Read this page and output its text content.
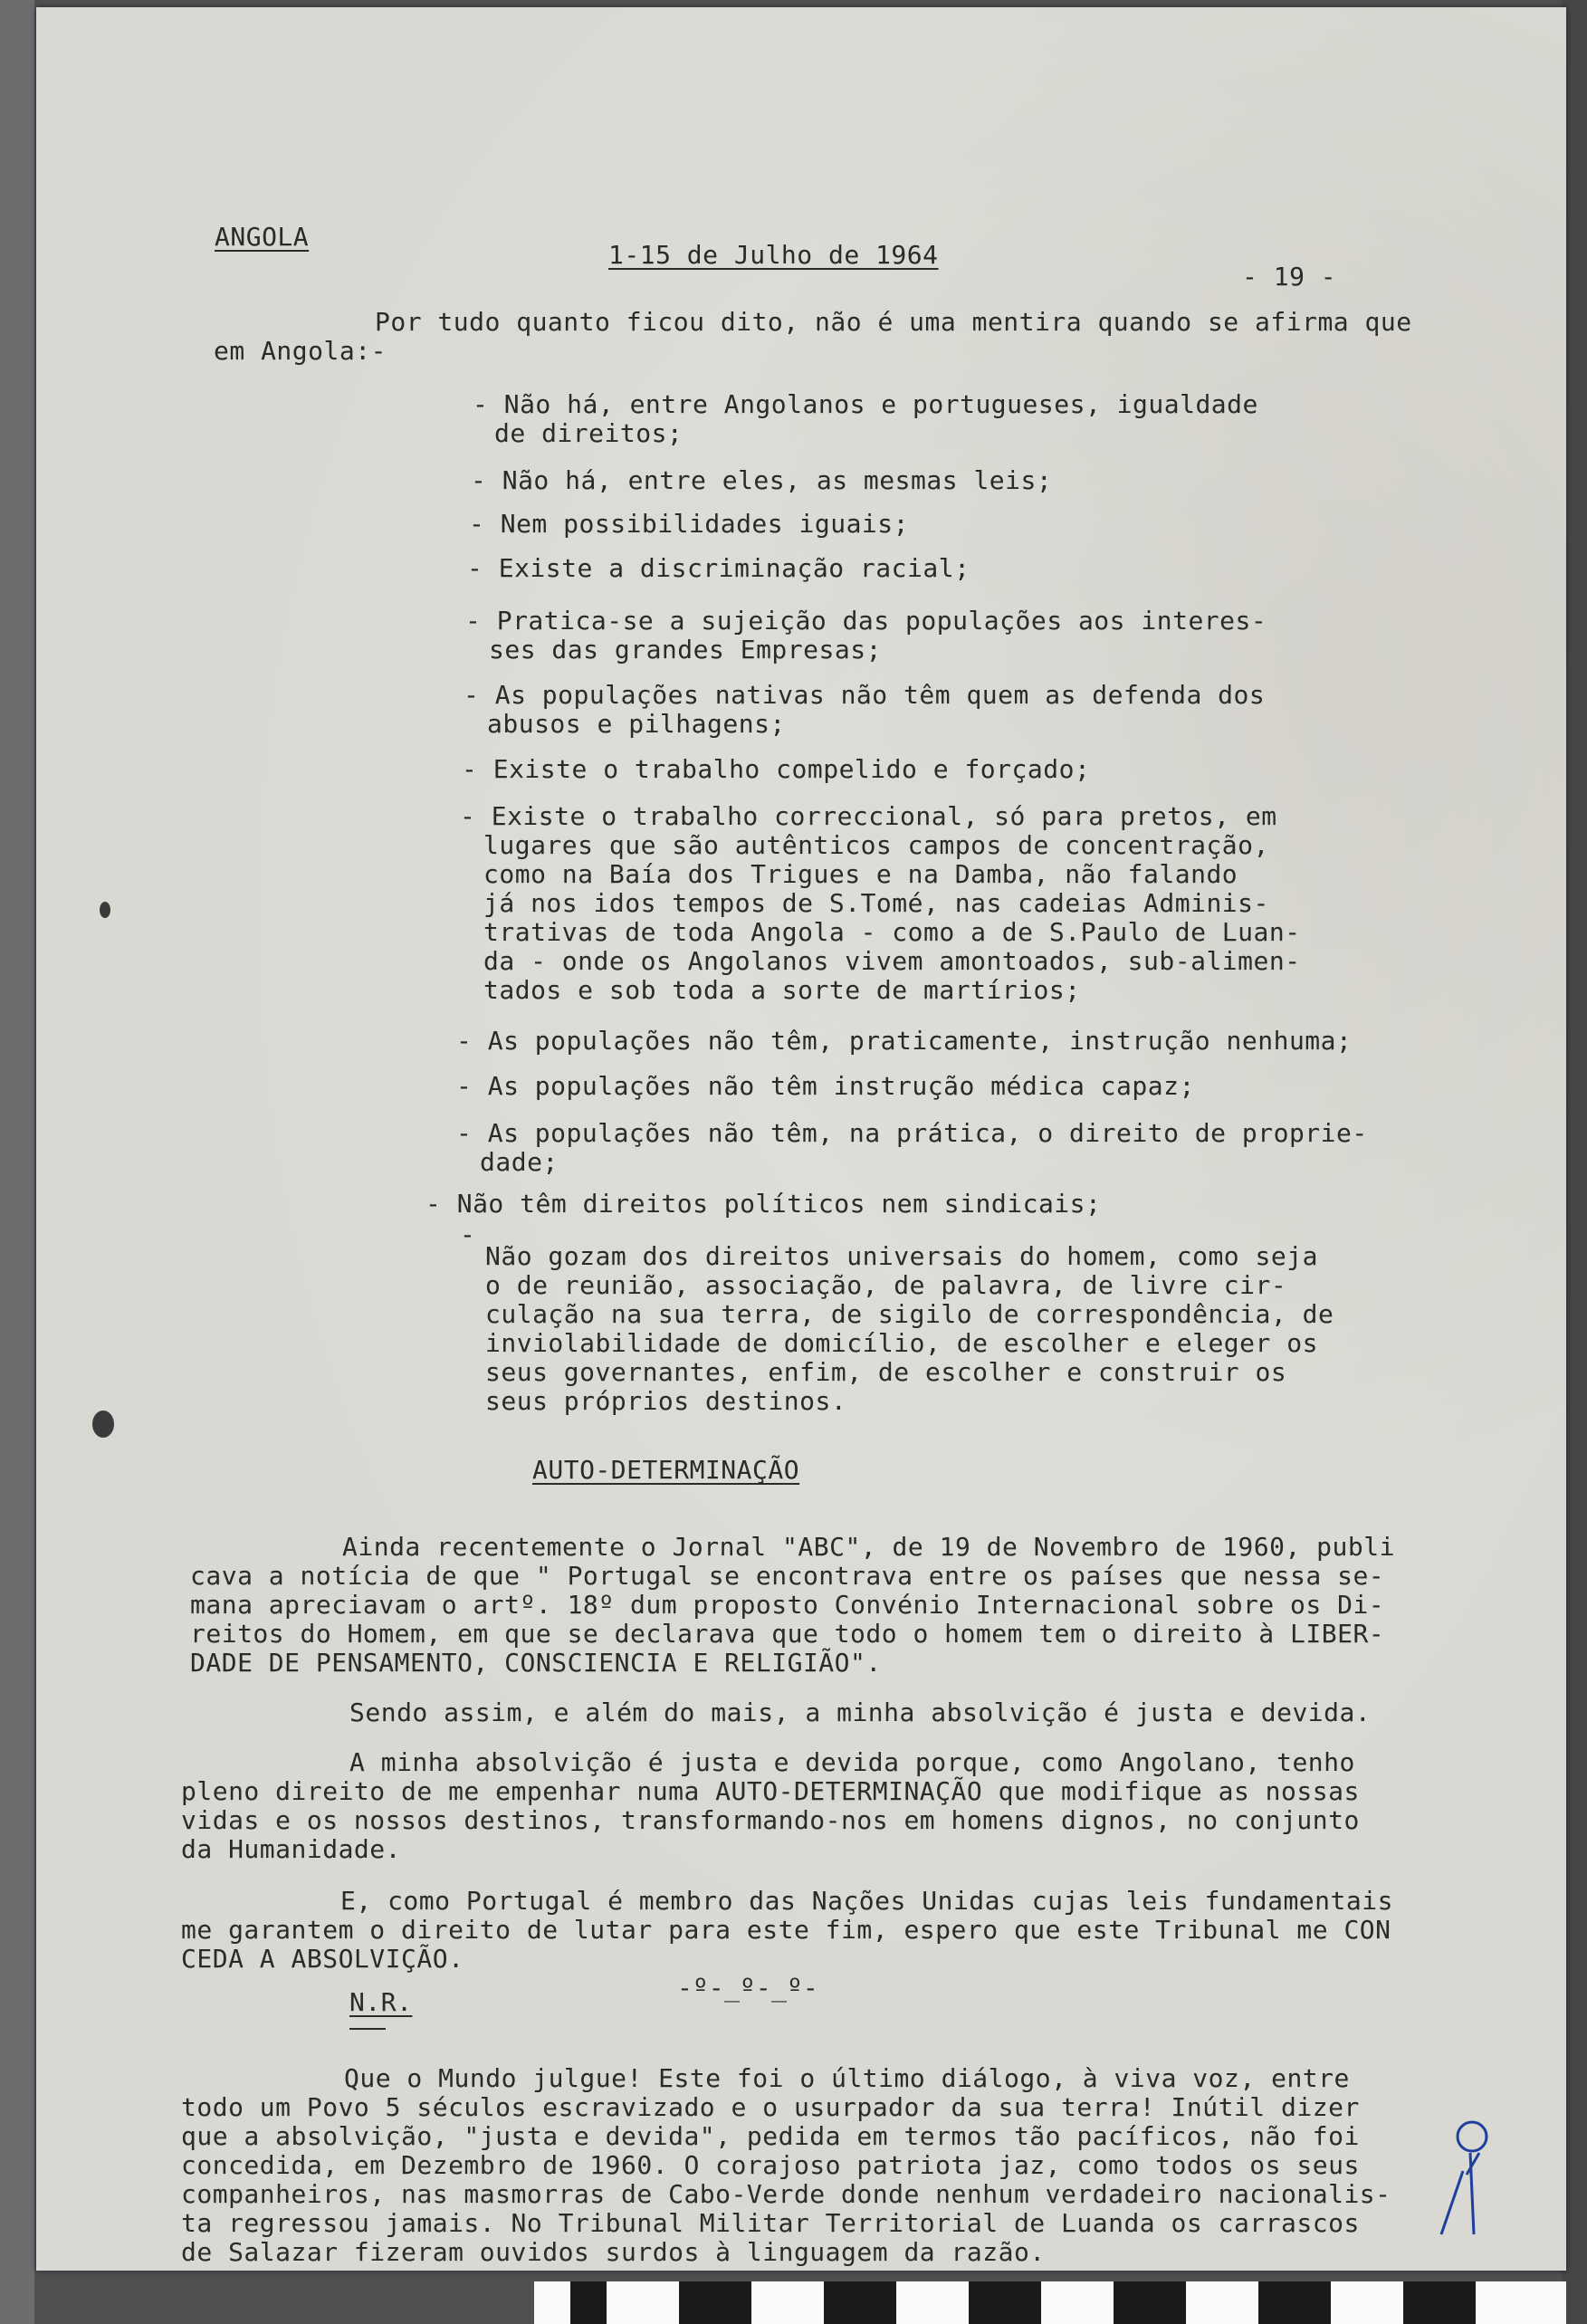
ANGOLA
1-15 de Julho de 1964
- 19 -
Por tudo quanto ficou dito, não é uma mentira quando se afirma que
em Angola:-
- Não há, entre Angolanos e portugueses, igualdade
de direitos;
- Não há, entre eles, as mesmas leis;
- Nem possibilidades iguais;
- Existe a discriminação racial;
- Pratica-se a sujeição das populações aos interes-
ses das grandes Empresas;
- As populações nativas não têm quem as defenda dos
abusos e pilhagens;
- Existe o trabalho compelido e forçado;
- Existe o trabalho correccional, só para pretos, em
lugares que são autênticos campos de concentração,
como na Baía dos Trigues e na Damba, não falando
já nos idos tempos de S.Tomé, nas cadeias Adminis-
trativas de toda Angola - como a de S.Paulo de Luan-
da - onde os Angolanos vivem amontoados, sub-alimen-
tados e sob toda a sorte de martírios;
- As populações não têm, praticamente, instrução nenhuma;
- As populações não têm instrução médica capaz;
- As populações não têm, na prática, o direito de proprie-
dade;
- Não têm direitos políticos nem sindicais;
-
Não gozam dos direitos universais do homem, como seja
o de reunião, associação, de palavra, de livre cir-
culação na sua terra, de sigilo de correspondência, de
inviolabilidade de domicílio, de escolher e eleger os
seus governantes, enfim, de escolher e construir os
seus próprios destinos.
AUTO-DETERMINAÇÃO
Ainda recentemente o Jornal "ABC", de 19 de Novembro de 1960, publi
cava a notícia de que " Portugal se encontrava entre os países que nessa se-
mana apreciavam o artº. 18º dum proposto Convénio Internacional sobre os Di-
reitos do Homem, em que se declarava que todo o homem tem o direito à LIBER-
DADE DE PENSAMENTO, CONSCIENCIA E RELIGIÃO".
Sendo assim, e além do mais, a minha absolvição é justa e devida.
A minha absolvição é justa e devida porque, como Angolano, tenho
pleno direito de me empenhar numa AUTO-DETERMINAÇÃO que modifique as nossas
vidas e os nossos destinos, transformando-nos em homens dignos, no conjunto
da Humanidade.
E, como Portugal é membro das Nações Unidas cujas leis fundamentais
me garantem o direito de lutar para este fim, espero que este Tribunal me CON
CEDA A ABSOLVIÇÃO.
N.R.	-º-_º-_º-
Que o Mundo julgue! Este foi o último diálogo, à viva voz, entre
todo um Povo 5 séculos escravizado e o usurpador da sua terra! Inútil dizer
que a absolvição, "justa e devida", pedida em termos tão pacíficos, não foi
concedida, em Dezembro de 1960. O corajoso patriota jaz, como todos os seus
companheiros, nas masmorras de Cabo-Verde donde nenhum verdadeiro nacionalis-
ta regressou jamais. No Tribunal Militar Territorial de Luanda os carrascos
de Salazar fizeram ouvidos surdos à linguagem da razão.
